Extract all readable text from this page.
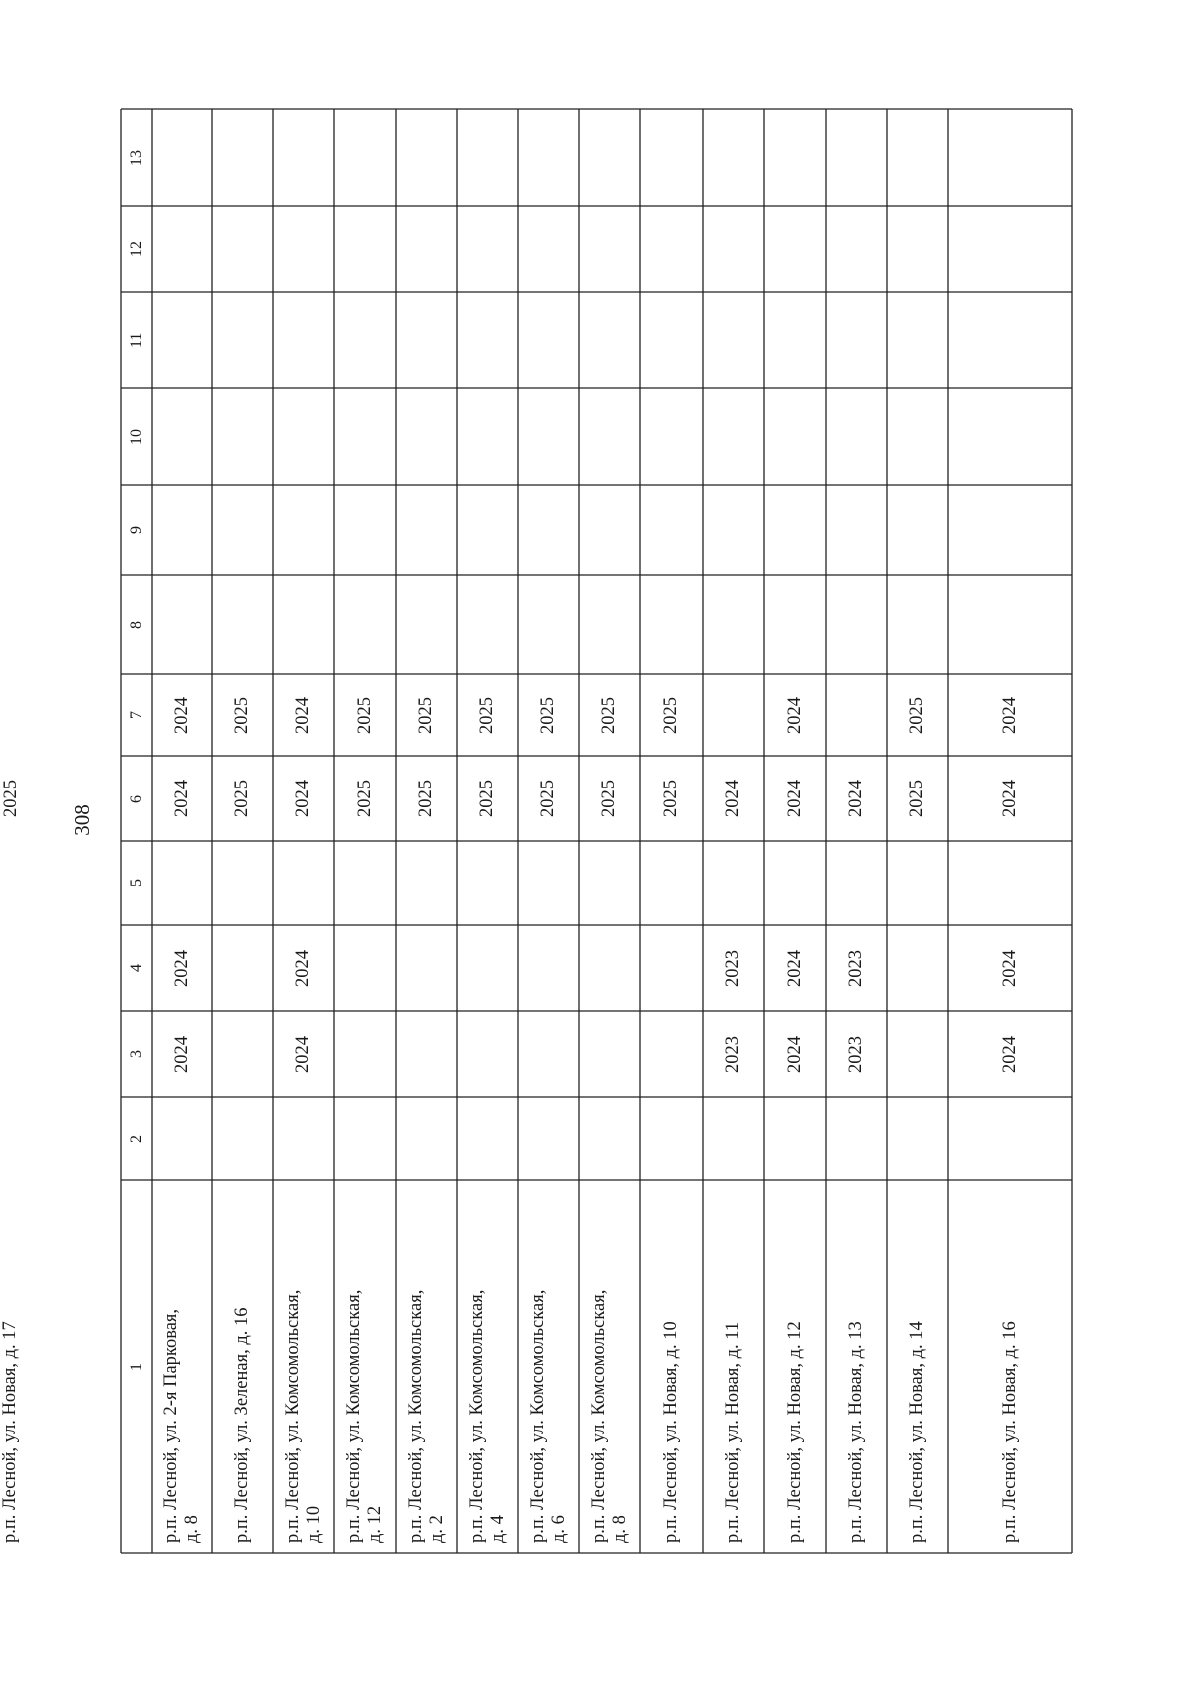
308
13
12
11
10
9
8
7
6
5
4
3
2
1 р.п. Лесной, ул. 2-я Парковая, д. 8
2024
2024
2024
2024
р.п. Лесной, ул. Зеленая, д. 16
2025
2025
р.п. Лесной, ул. Комсомольская, д. 10
2024
2024
2024
2024
р.п. Лесной, ул. Комсомольская, д. 12
2025
2025
р.п. Лесной, ул. Комсомольская, д. 2
2025
2025
р.п. Лесной, ул. Комсомольская, д. 4
2025
2025
р.п. Лесной, ул. Комсомольская, д. 6
2025
2025
р.п. Лесной, ул. Комсомольская, д. 8
2025
2025
р.п. Лесной, ул. Новая, д. 10
2025
2025
р.п. Лесной, ул. Новая, д. 11
2023
2023
2024
р.п. Лесной, ул. Новая, д. 12
2024
2024
2024
2024
р.п. Лесной, ул. Новая, д. 13
2023
2023
2024
р.п. Лесной, ул. Новая, д. 14
2025
2025
р.п. Лесной, ул. Новая, д. 16
2024
2024
2024
2024
р.п. Лесной, ул. Новая, д. 17
2025
